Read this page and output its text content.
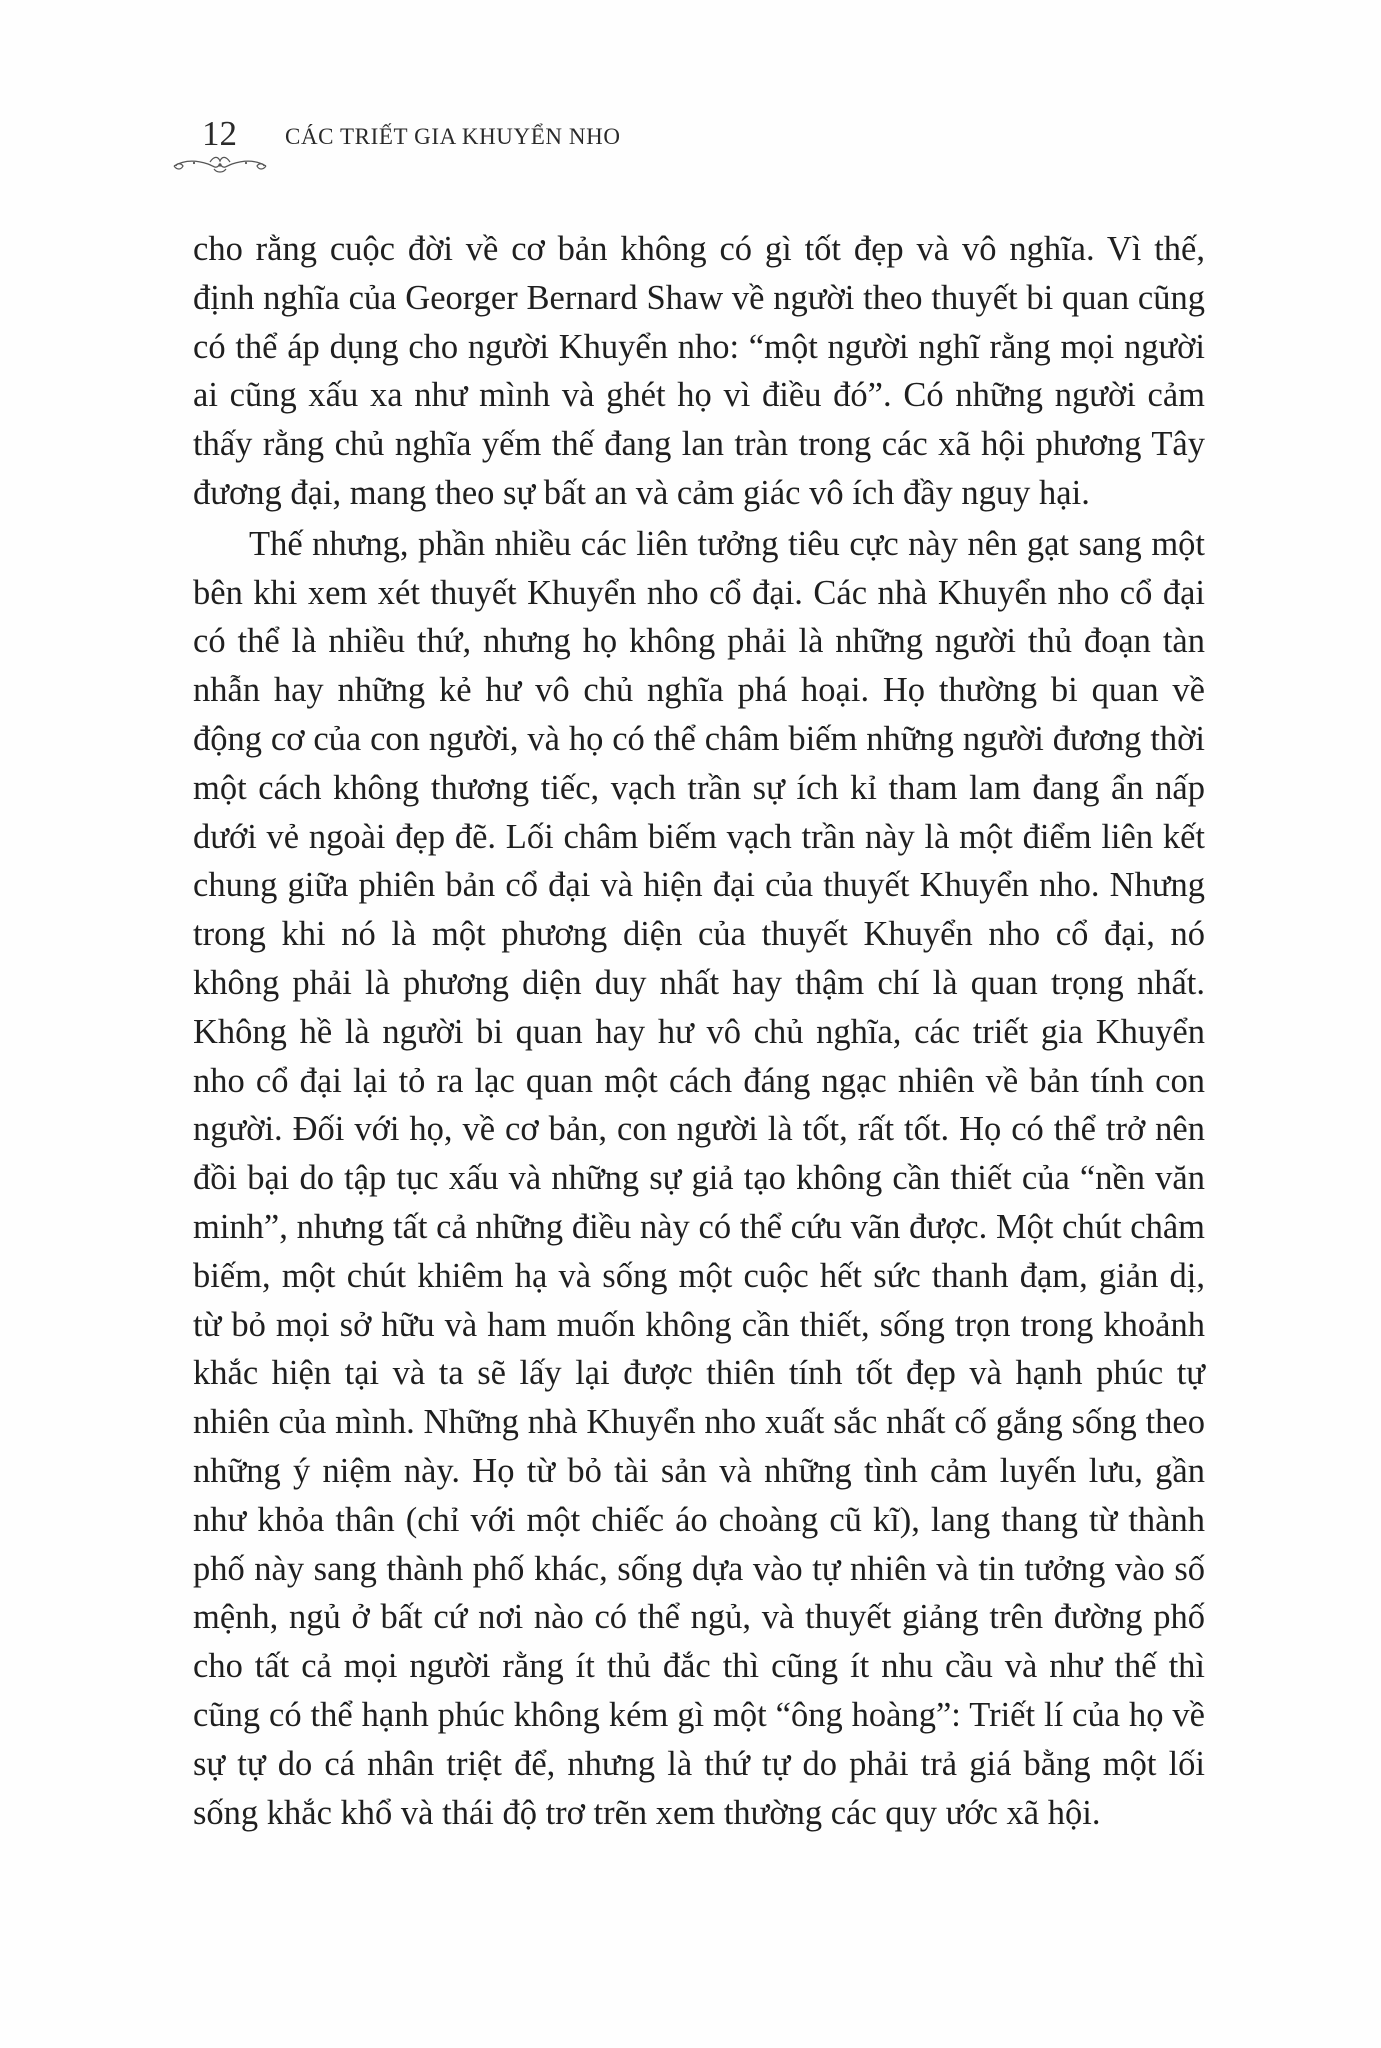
12 CÁC TRIẾT GIA KHUYỂN NHO

cho rằng cuộc đời về cơ bản không có gì tốt đẹp và vô nghĩa. Vì thế, định nghĩa của Georger Bernard Shaw về người theo thuyết bi quan cũng có thể áp dụng cho người Khuyển nho: “một người nghĩ rằng mọi người ai cũng xấu xa như mình và ghét họ vì điều đó”. Có những người cảm thấy rằng chủ nghĩa yếm thế đang lan tràn trong các xã hội phương Tây đương đại, mang theo sự bất an và cảm giác vô ích đầy nguy hại.

Thế nhưng, phần nhiều các liên tưởng tiêu cực này nên gạt sang một bên khi xem xét thuyết Khuyển nho cổ đại. Các nhà Khuyển nho cổ đại có thể là nhiều thứ, nhưng họ không phải là những người thủ đoạn tàn nhẫn hay những kẻ hư vô chủ nghĩa phá hoại. Họ thường bi quan về động cơ của con người, và họ có thể châm biếm những người đương thời một cách không thương tiếc, vạch trần sự ích kỉ tham lam đang ẩn nấp dưới vẻ ngoài đẹp đẽ. Lối châm biếm vạch trần này là một điểm liên kết chung giữa phiên bản cổ đại và hiện đại của thuyết Khuyển nho. Nhưng trong khi nó là một phương diện của thuyết Khuyển nho cổ đại, nó không phải là phương diện duy nhất hay thậm chí là quan trọng nhất. Không hề là người bi quan hay hư vô chủ nghĩa, các triết gia Khuyển nho cổ đại lại tỏ ra lạc quan một cách đáng ngạc nhiên về bản tính con người. Đối với họ, về cơ bản, con người là tốt, rất tốt. Họ có thể trở nên đồi bại do tập tục xấu và những sự giả tạo không cần thiết của “nền văn minh”, nhưng tất cả những điều này có thể cứu vãn được. Một chút châm biếm, một chút khiêm hạ và sống một cuộc hết sức thanh đạm, giản dị, từ bỏ mọi sở hữu và ham muốn không cần thiết, sống trọn trong khoảnh khắc hiện tại và ta sẽ lấy lại được thiên tính tốt đẹp và hạnh phúc tự nhiên của mình. Những nhà Khuyển nho xuất sắc nhất cố gắng sống theo những ý niệm này. Họ từ bỏ tài sản và những tình cảm luyến lưu, gần như khỏa thân (chỉ với một chiếc áo choàng cũ kĩ), lang thang từ thành phố này sang thành phố khác, sống dựa vào tự nhiên và tin tưởng vào số mệnh, ngủ ở bất cứ nơi nào có thể ngủ, và thuyết giảng trên đường phố cho tất cả mọi người rằng ít thủ đắc thì cũng ít nhu cầu và như thế thì cũng có thể hạnh phúc không kém gì một “ông hoàng”: Triết lí của họ về sự tự do cá nhân triệt để, nhưng là thứ tự do phải trả giá bằng một lối sống khắc khổ và thái độ trơ trẽn xem thường các quy ước xã hội.
